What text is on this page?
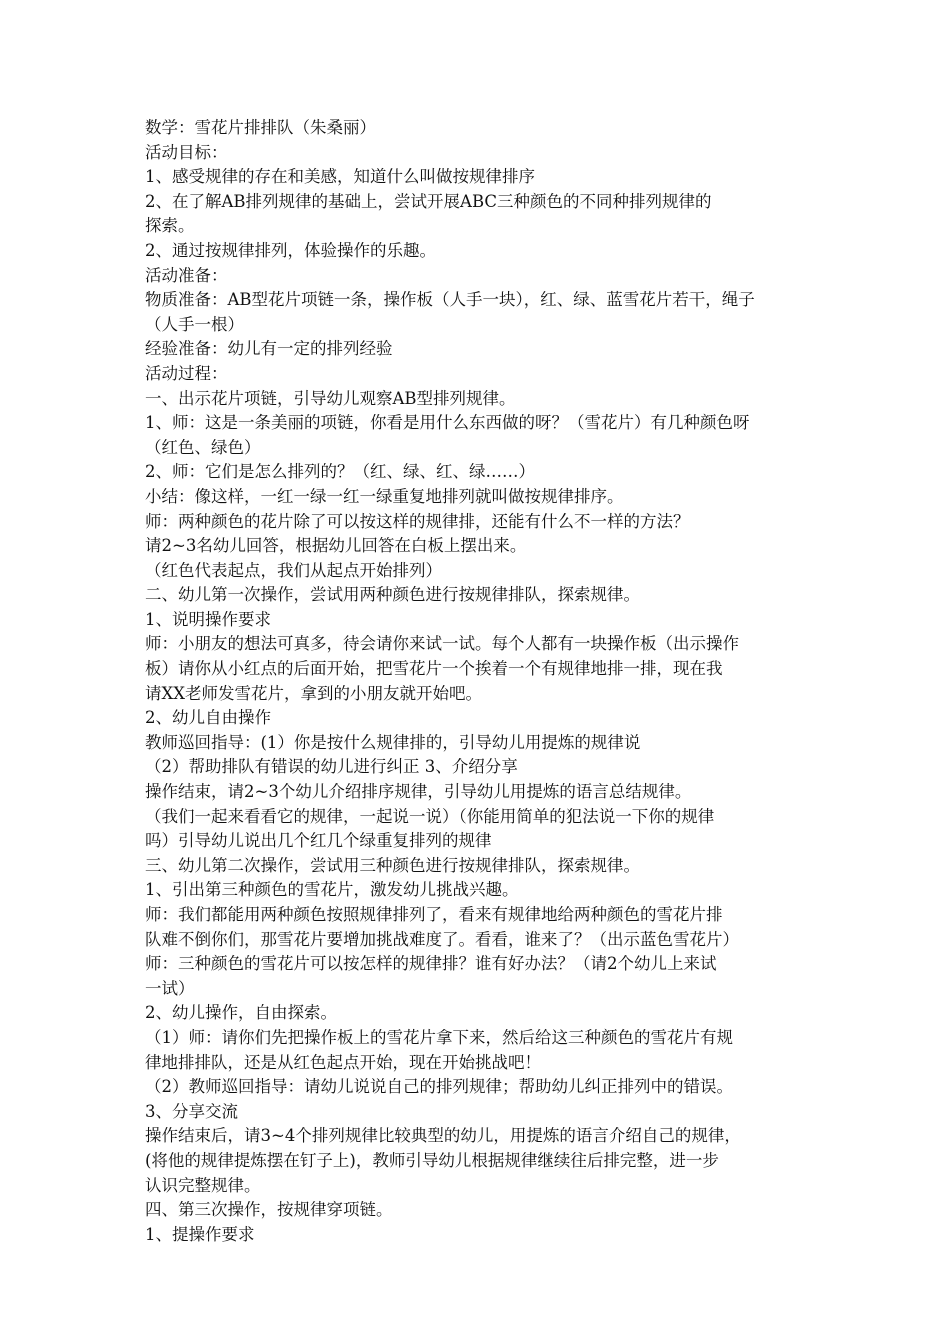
数学：雪花片排排队（朱桑丽）
活动目标：
1、感受规律的存在和美感，知道什么叫做按规律排序
2、在了解AB排列规律的基础上，尝试开展ABC三种颜色的不同种排列规律的
探索。
2、通过按规律排列，体验操作的乐趣。
活动准备：
物质准备：AB型花片项链一条，操作板（人手一块），红、绿、蓝雪花片若干，绳子
（人手一根）
经验准备：幼儿有一定的排列经验
活动过程：
一、出示花片项链，引导幼儿观察AB型排列规律。
1、师：这是一条美丽的项链，你看是用什么东西做的呀？（雪花片）有几种颜色呀
（红色、绿色）
2、师：它们是怎么排列的？（红、绿、红、绿……）
小结：像这样，一红一绿一红一绿重复地排列就叫做按规律排序。
师：两种颜色的花片除了可以按这样的规律排，还能有什么不一样的方法？
请2~3名幼儿回答，根据幼儿回答在白板上摆出来。
（红色代表起点，我们从起点开始排列）
二、幼儿第一次操作，尝试用两种颜色进行按规律排队，探索规律。
1、说明操作要求
师：小朋友的想法可真多，待会请你来试一试。每个人都有一块操作板（出示操作
板）请你从小红点的后面开始，把雪花片一个挨着一个有规律地排一排，现在我
请XX老师发雪花片，拿到的小朋友就开始吧。
2、幼儿自由操作
教师巡回指导：(1）你是按什么规律排的，引导幼儿用提炼的规律说
（2）帮助排队有错误的幼儿进行纠正 3、介绍分享
操作结束，请2~3个幼儿介绍排序规律，引导幼儿用提炼的语言总结规律。
（我们一起来看看它的规律，一起说一说）（你能用简单的犯法说一下你的规律
吗）引导幼儿说出几个红几个绿重复排列的规律
三、幼儿第二次操作，尝试用三种颜色进行按规律排队，探索规律。
1、引出第三种颜色的雪花片，激发幼儿挑战兴趣。
师：我们都能用两种颜色按照规律排列了，看来有规律地给两种颜色的雪花片排
队难不倒你们，那雪花片要增加挑战难度了。看看，谁来了？（出示蓝色雪花片）
师：三种颜色的雪花片可以按怎样的规律排？谁有好办法？（请2个幼儿上来试
一试）
2、幼儿操作，自由探索。
（1）师：请你们先把操作板上的雪花片拿下来，然后给这三种颜色的雪花片有规
律地排排队，还是从红色起点开始，现在开始挑战吧！
（2）教师巡回指导：请幼儿说说自己的排列规律；帮助幼儿纠正排列中的错误。
3、分享交流
操作结束后，请3~4个排列规律比较典型的幼儿，用提炼的语言介绍自己的规律，
(将他的规律提炼摆在钉子上)，教师引导幼儿根据规律继续往后排完整，进一步
认识完整规律。
四、第三次操作，按规律穿项链。
1、提操作要求
